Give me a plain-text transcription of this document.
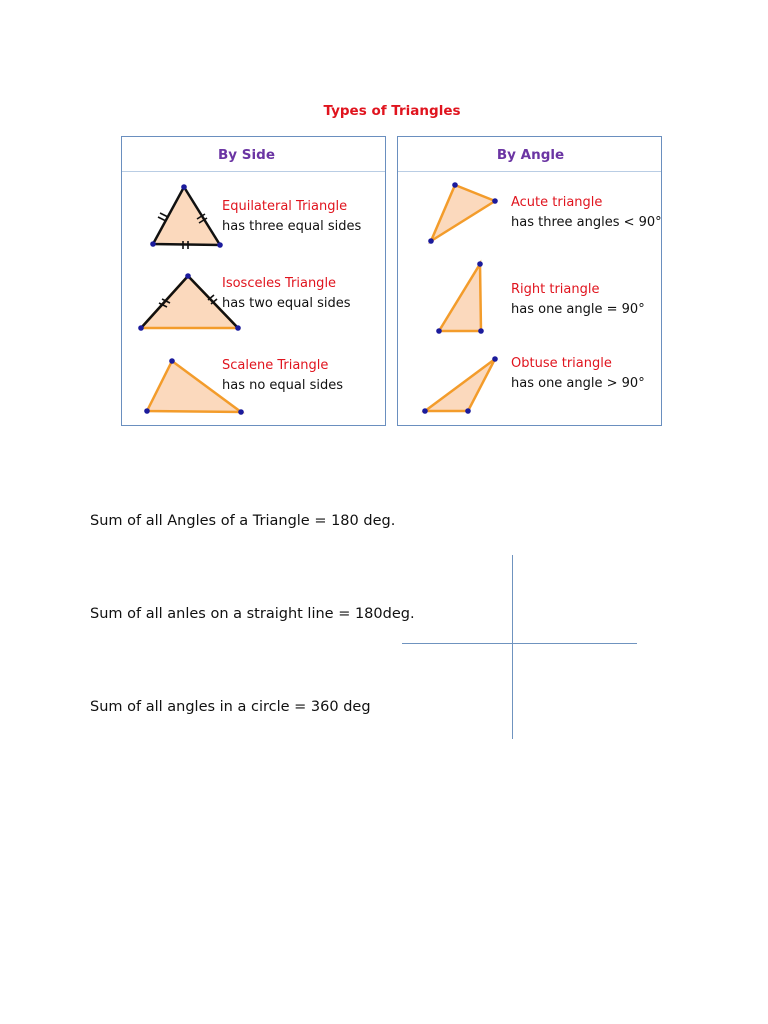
Types of Triangles
By Side
Equilateral Triangle
has three equal sides
Isosceles Triangle
has two equal sides
Scalene Triangle
has no equal sides
By Angle
Acute triangle
has three angles < 90°
Right triangle
has one angle = 90°
Obtuse triangle
has one angle > 90°
Sum of all Angles of a Triangle = 180 deg.
Sum of all anles on a straight line = 180deg.
Sum of all angles in a circle = 360 deg
